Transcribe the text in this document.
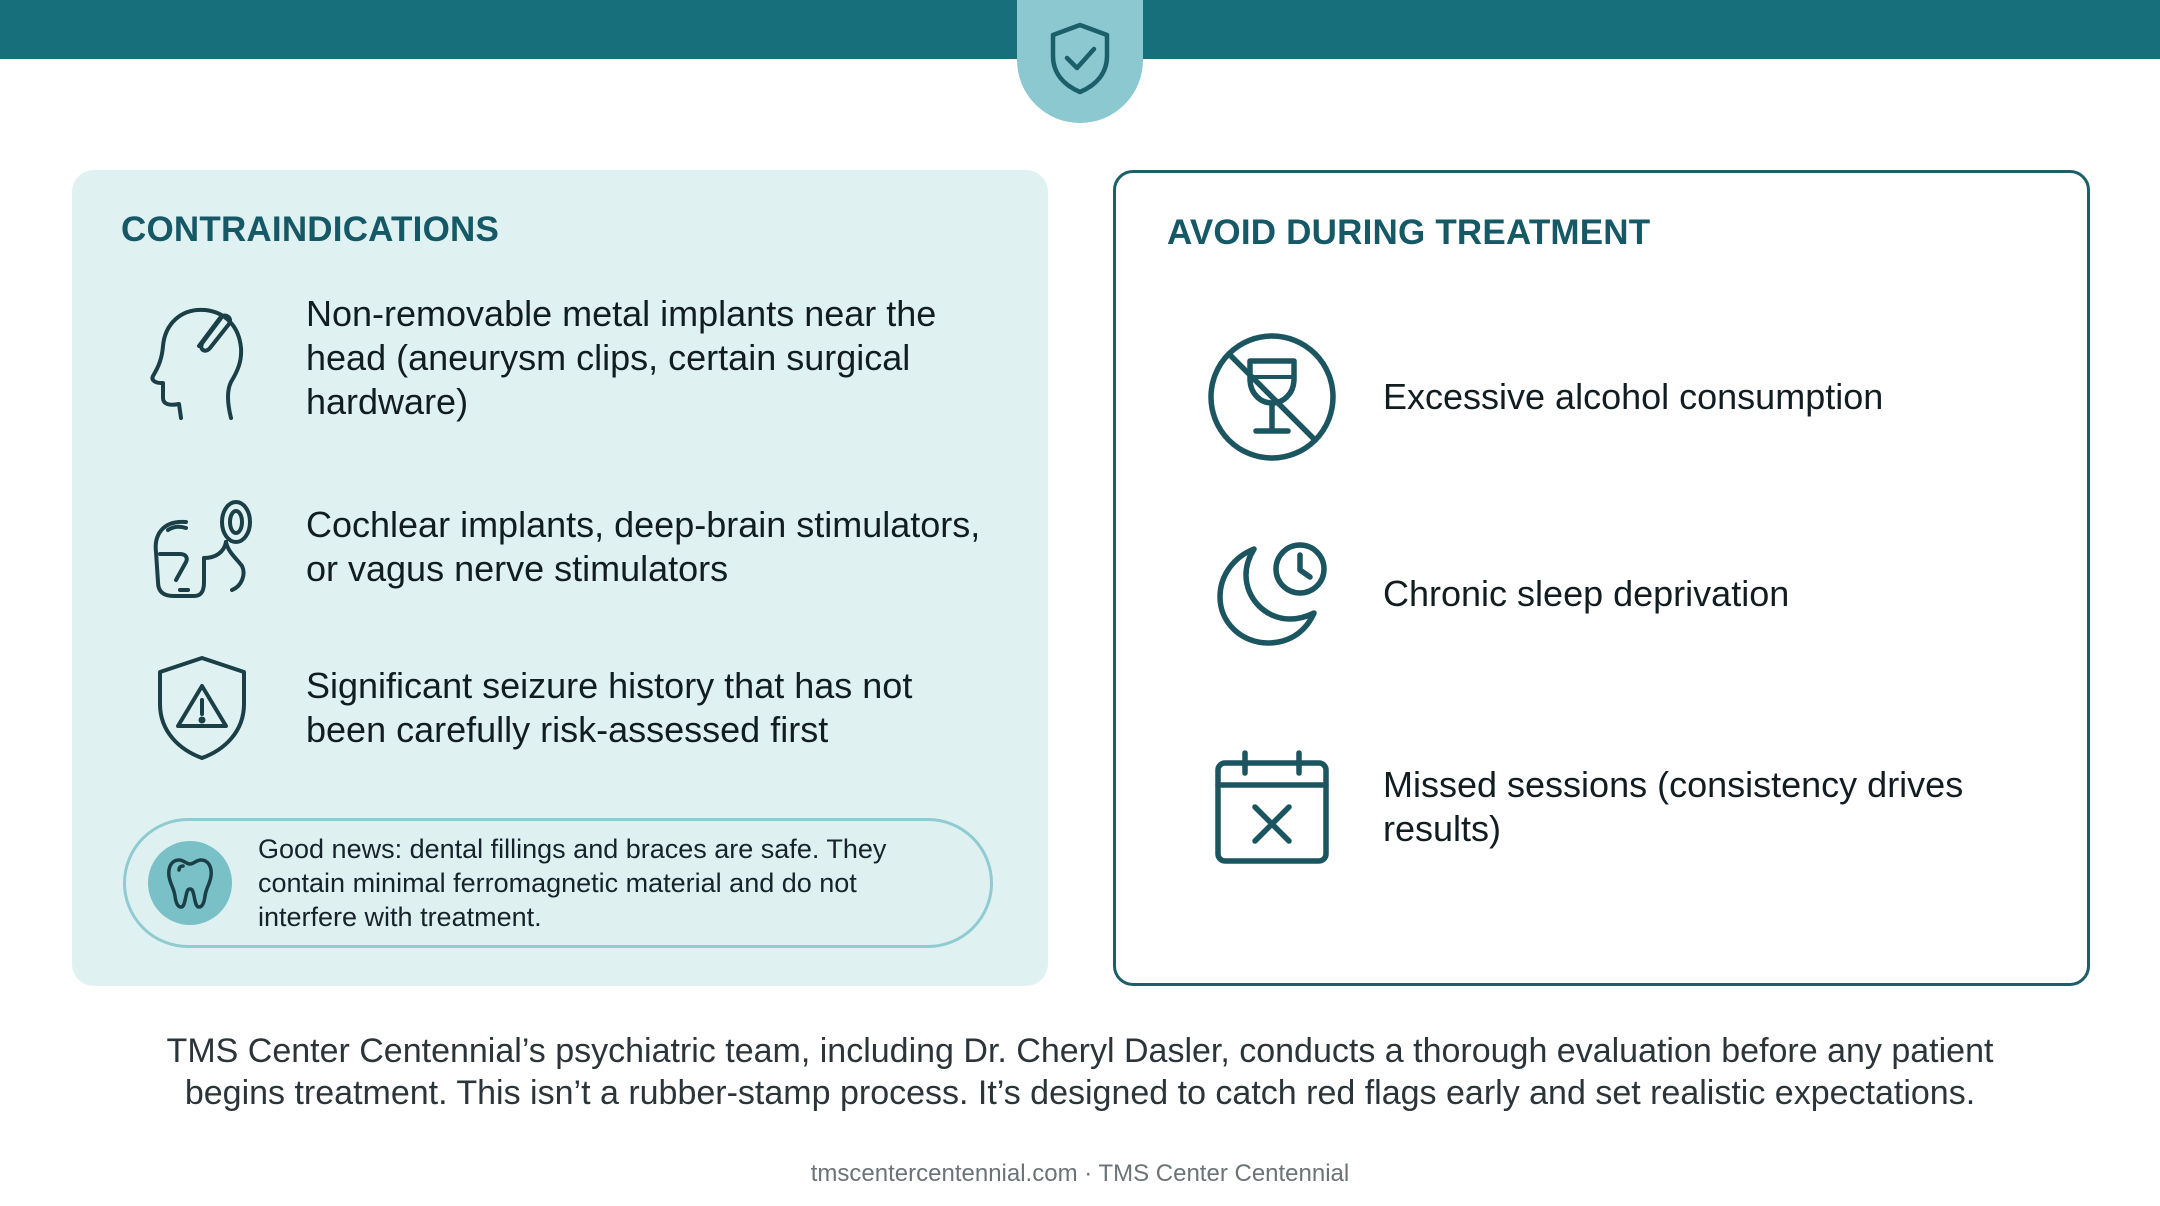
CONTRAINDICATIONS
Non-removable metal implants near the head (aneurysm clips, certain surgical hardware)
Cochlear implants, deep-brain stimulators, or vagus nerve stimulators
Significant seizure history that has not been carefully risk-assessed first
Good news: dental fillings and braces are safe. They contain minimal ferromagnetic material and do not interfere with treatment.
AVOID DURING TREATMENT
Excessive alcohol consumption
Chronic sleep deprivation
Missed sessions (consistency drives results)

TMS Center Centennial’s psychiatric team, including Dr. Cheryl Dasler, conducts a thorough evaluation before any patient
begins treatment. This isn’t a rubber-stamp process. It’s designed to catch red flags early and set realistic expectations.

tmscentercentennial.com · TMS Center Centennial
